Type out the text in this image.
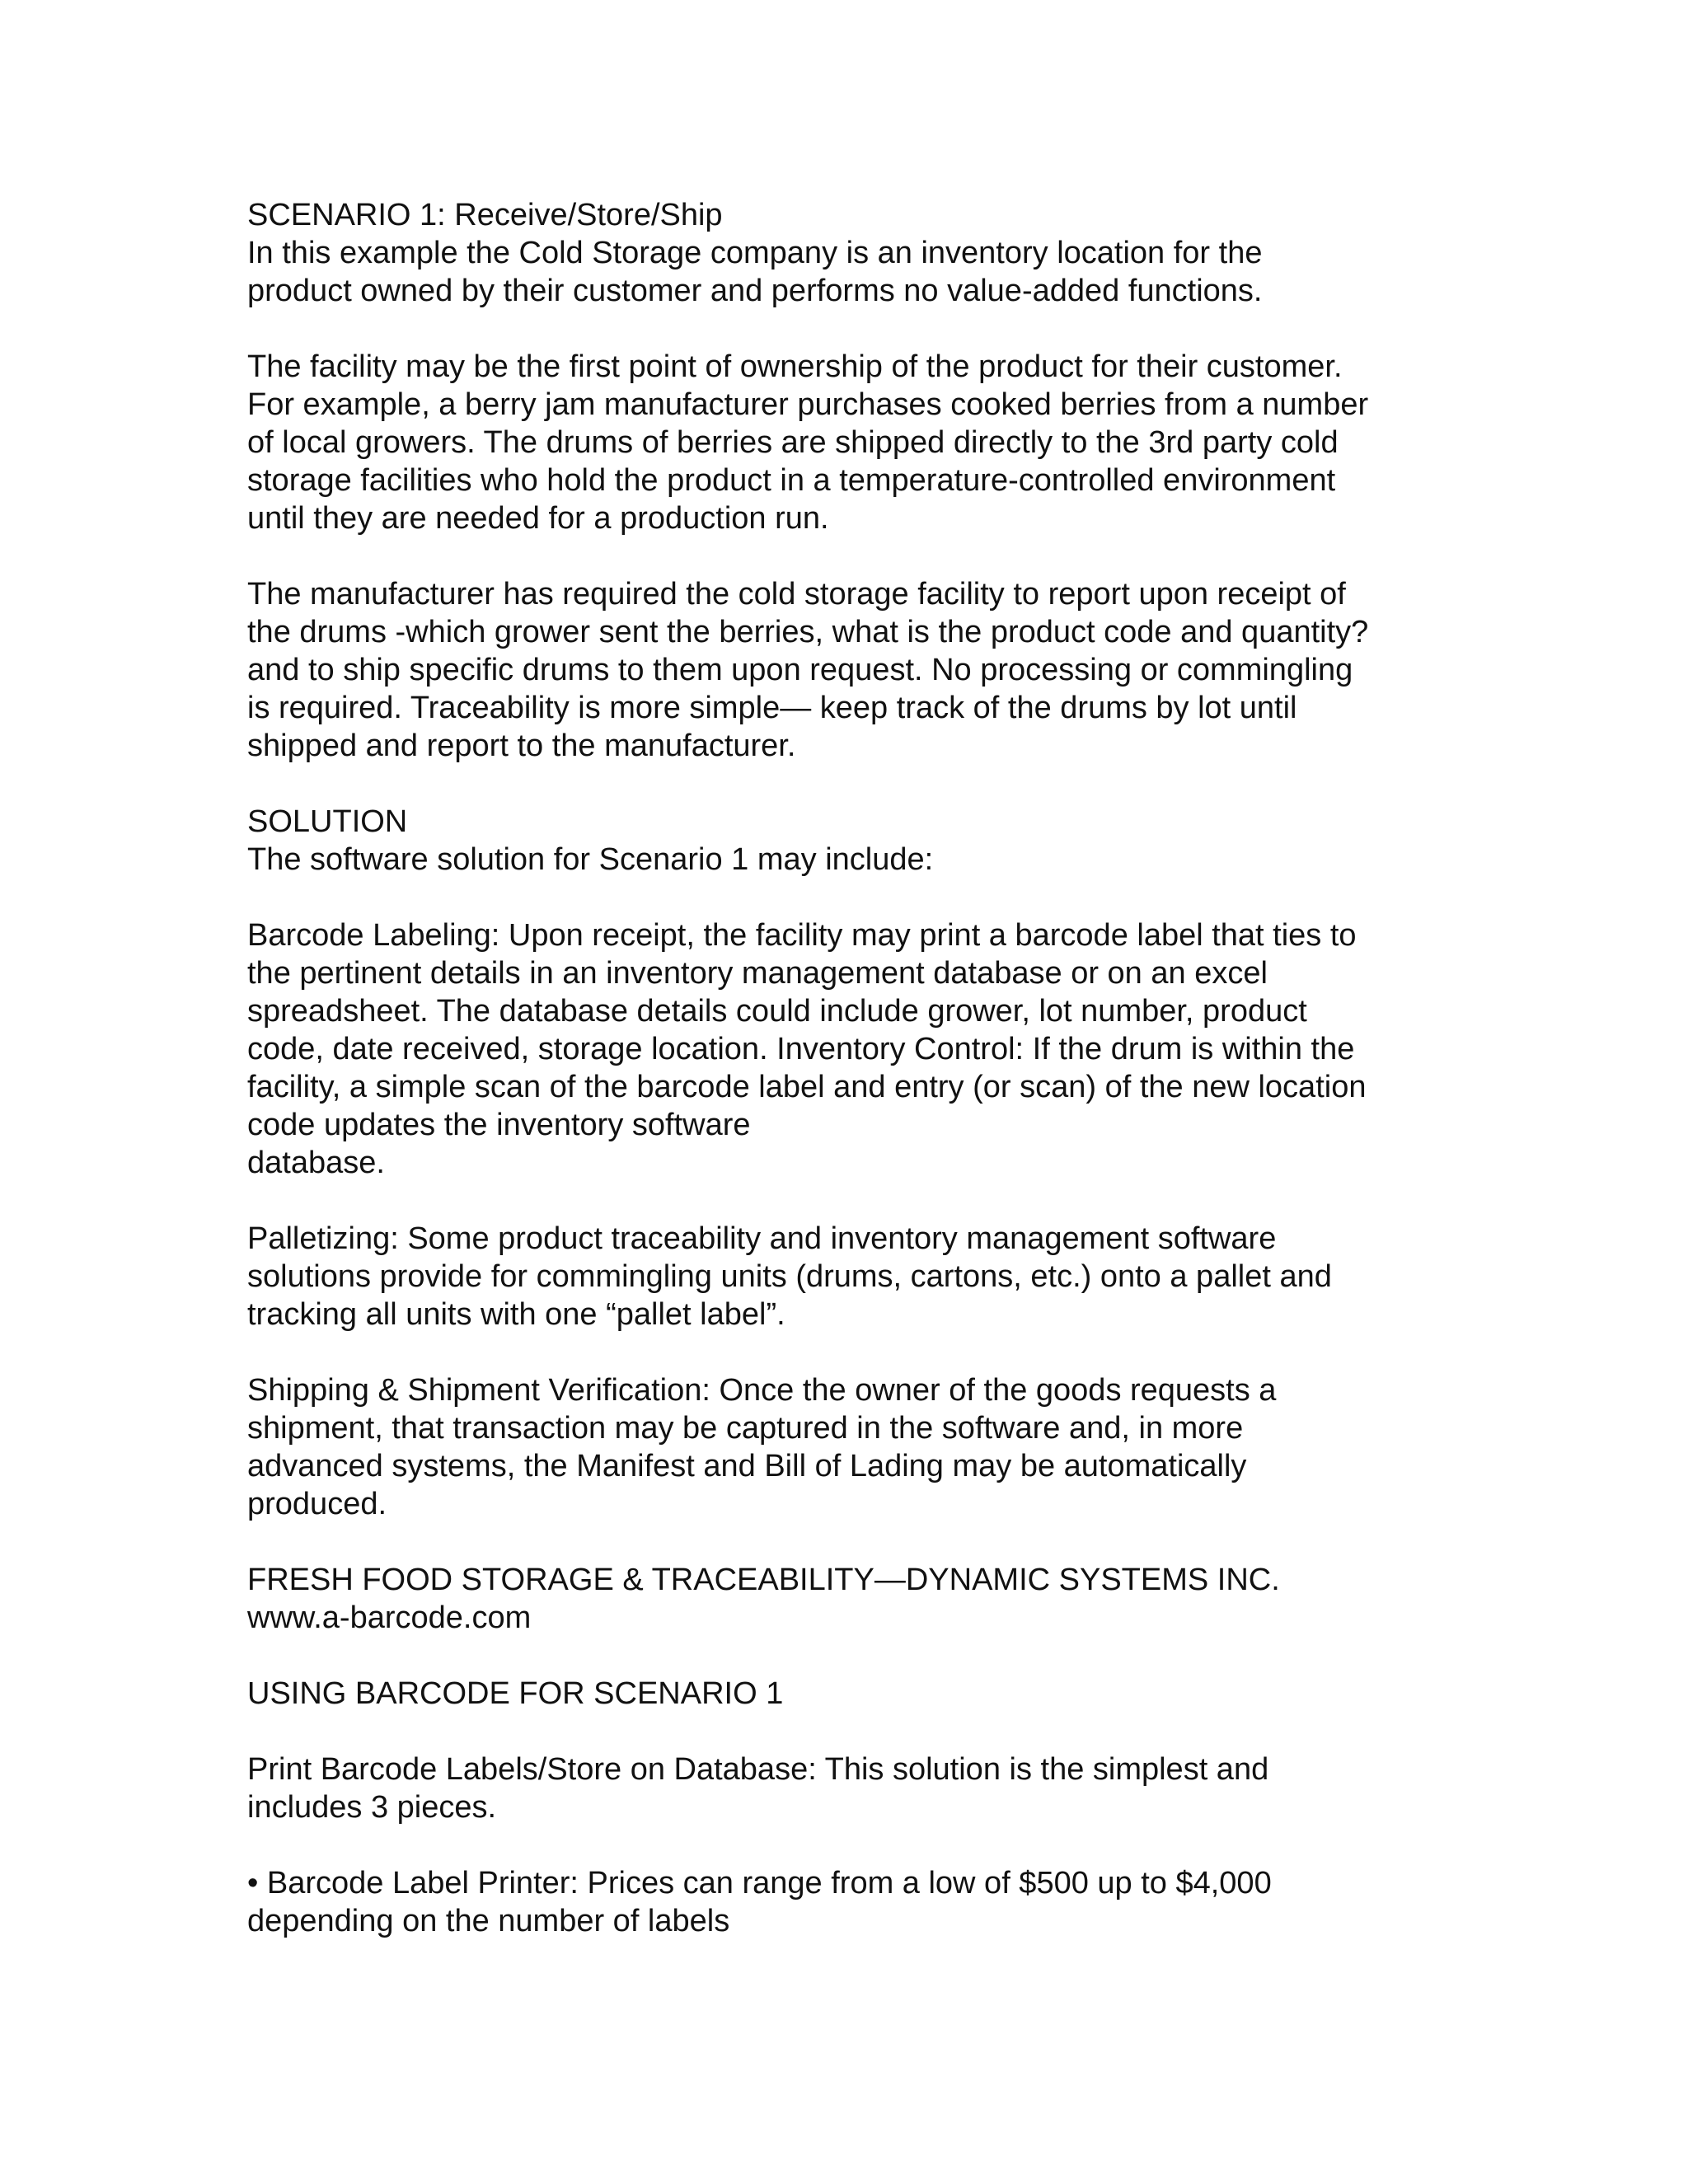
SCENARIO 1: Receive/Store/Ship
In this example the Cold Storage company is an inventory location for the
product owned by their customer and performs no value-added functions.

The facility may be the first point of ownership of the product for their customer.
For example, a berry jam manufacturer purchases cooked berries from a number
of local growers. The drums of berries are shipped directly to the 3rd party cold
storage facilities who hold the product in a temperature-controlled environment
until they are needed for a production run.

The manufacturer has required the cold storage facility to report upon receipt of
the drums -which grower sent the berries, what is the product code and quantity?
and to ship specific drums to them upon request. No processing or commingling
is required. Traceability is more simple— keep track of the drums by lot until
shipped and report to the manufacturer.

SOLUTION
The software solution for Scenario 1 may include:

Barcode Labeling: Upon receipt, the facility may print a barcode label that ties to
the pertinent details in an inventory management database or on an excel
spreadsheet. The database details could include grower, lot number, product
code, date received, storage location. Inventory Control: If the drum is within the
facility, a simple scan of the barcode label and entry (or scan) of the new location
code updates the inventory software
database.

Palletizing: Some product traceability and inventory management software
solutions provide for commingling units (drums, cartons, etc.) onto a pallet and
tracking all units with one “pallet label”.

Shipping & Shipment Verification: Once the owner of the goods requests a
shipment, that transaction may be captured in the software and, in more
advanced systems, the Manifest and Bill of Lading may be automatically
produced.

FRESH FOOD STORAGE & TRACEABILITY—DYNAMIC SYSTEMS INC.
www.a-barcode.com

USING BARCODE FOR SCENARIO 1

Print Barcode Labels/Store on Database: This solution is the simplest and
includes 3 pieces.

• Barcode Label Printer: Prices can range from a low of $500 up to $4,000
depending on the number of labels
